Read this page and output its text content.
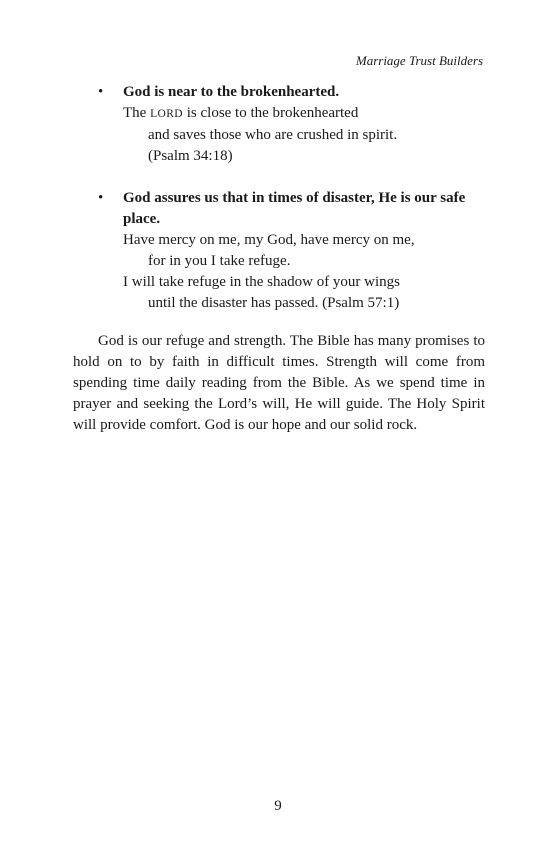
Marriage Trust Builders
• God is near to the brokenhearted.
The LORD is close to the brokenhearted
and saves those who are crushed in spirit.
(Psalm 34:18)
• God assures us that in times of disaster, He is our safe
place.
Have mercy on me, my God, have mercy on me,
for in you I take refuge.
I will take refuge in the shadow of your wings
until the disaster has passed. (Psalm 57:1)

God is our refuge and strength. The Bible has many promises to hold on to by faith in difficult times. Strength will come from spending time daily reading from the Bible. As we spend time in prayer and seeking the Lord’s will, He will guide. The Holy Spirit will provide comfort. God is our hope and our solid rock.

9
